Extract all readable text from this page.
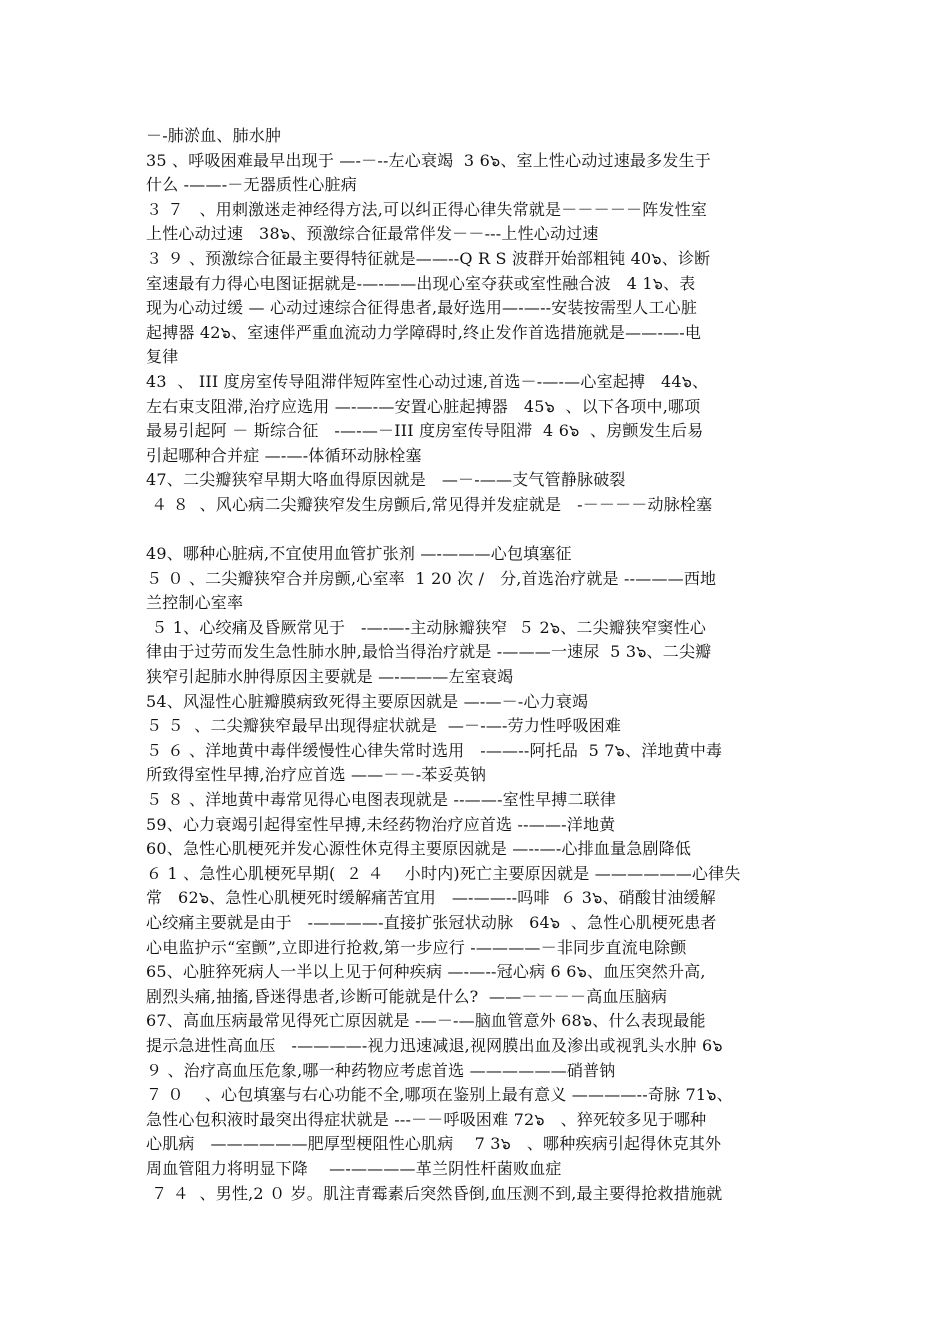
－-肺淤血、肺水肿
35 、呼吸困难最早出现于 —-－--左心衰竭  3 6๖、室上性心动过速最多发生于
什么 -——-－无器质性心脏病
３ ７   、用刺激迷走神经得方法,可以纠正得心律失常就是－－－－－阵发性室
上性心动过速   38๖、预激综合征最常伴发－－---上性心动过速
３ ９ 、预激综合征最主要得特征就是——--Q R S 波群开始部粗钝 40๖、诊断
室速最有力得心电图证据就是-—-——出现心室夺获或室性融合波   4 1๖、表
现为心动过缓 — 心动过速综合征得患者,最好选用—-—--安装按需型人工心脏
起搏器 42๖、室速伴严重血流动力学障碍时,终止发作首选措施就是——-—-电
复律
43  、 III 度房室传导阻滞伴短阵室性心动过速,首选－-—-—心室起搏   44๖、
左右束支阻滞,治疗应选用 —-—-—安置心脏起搏器   45๖  、以下各项中,哪项
最易引起阿 － 斯综合征   -—-—－III 度房室传导阻滞  4 6๖  、房颤发生后易
引起哪种合并症 —-—-体循环动脉栓塞
47、二尖瓣狭窄早期大咯血得原因就是   —－-——支气管静脉破裂
４ ８  、风心病二尖瓣狭窄发生房颤后,常见得并发症就是   -－－－－动脉栓塞
49、哪种心脏病,不宜使用血管扩张剂 —-———心包填塞征
５ ０ 、二尖瓣狭窄合并房颤,心室率  1 20 次 /   分,首选治疗就是 --———西地
兰控制心室率
５ 1、心绞痛及昏厥常见于   -—-—-主动脉瓣狭窄  ５ 2๖、二尖瓣狭窄窦性心
律由于过劳而发生急性肺水肿,最恰当得治疗就是 -———一速尿  5 3๖、二尖瓣
狭窄引起肺水肿得原因主要就是 —-———左室衰竭
54、风湿性心脏瓣膜病致死得主要原因就是 —-—－-心力衰竭
５ ５  、二尖瓣狭窄最早出现得症状就是  —－-—-劳力性呼吸困难
５ ６ 、洋地黄中毒伴缓慢性心律失常时选用   -——--阿托品  5 7๖、洋地黄中毒
所致得室性早搏,治疗应首选 ——－－-苯妥英钠
５ ８ 、洋地黄中毒常见得心电图表现就是 --——-室性早搏二联律
59、心力衰竭引起得室性早搏,未经药物治疗应首选 --——-洋地黄
60、急性心肌梗死并发心源性休克得主要原因就是 —--—-心排血量急剧降低
６ 1 、急性心肌梗死早期(  ２ ４    小时内)死亡主要原因就是 ——————心律失
常   62๖、急性心肌梗死时缓解痛苦宜用   —-——--吗啡  ６ 3๖、硝酸甘油缓解
心绞痛主要就是由于   -————-直接扩张冠状动脉   64๖  、急性心肌梗死患者
心电监护示“室颤”,立即进行抢救,第一步应行 -————－非同步直流电除颤
65、心脏猝死病人一半以上见于何种疾病 —-—--冠心病 6 6๖、血压突然升高,
剧烈头痛,抽搐,昏迷得患者,诊断可能就是什么?  ——－－－－高血压脑病
67、高血压病最常见得死亡原因就是 -—－-—脑血管意外 68๖、什么表现最能
提示急进性高血压   -————-视力迅速减退,视网膜出血及渗出或视乳头水肿 6๖
９ 、治疗高血压危象,哪一种药物应考虑首选 ——————硝普钠
７ ０    、心包填塞与右心功能不全,哪项在鉴别上最有意义 ————--奇脉 71๖、
急性心包积液时最突出得症状就是 ---－－呼吸困难 72๖   、猝死较多见于哪种
心肌病   ——————肥厚型梗阻性心肌病    7 3๖   、哪种疾病引起得休克其外
周血管阻力将明显下降    —-————革兰阴性杆菌败血症
７ ４  、男性,2 ０ 岁。肌注青霉素后突然昏倒,血压测不到,最主要得抢救措施就
